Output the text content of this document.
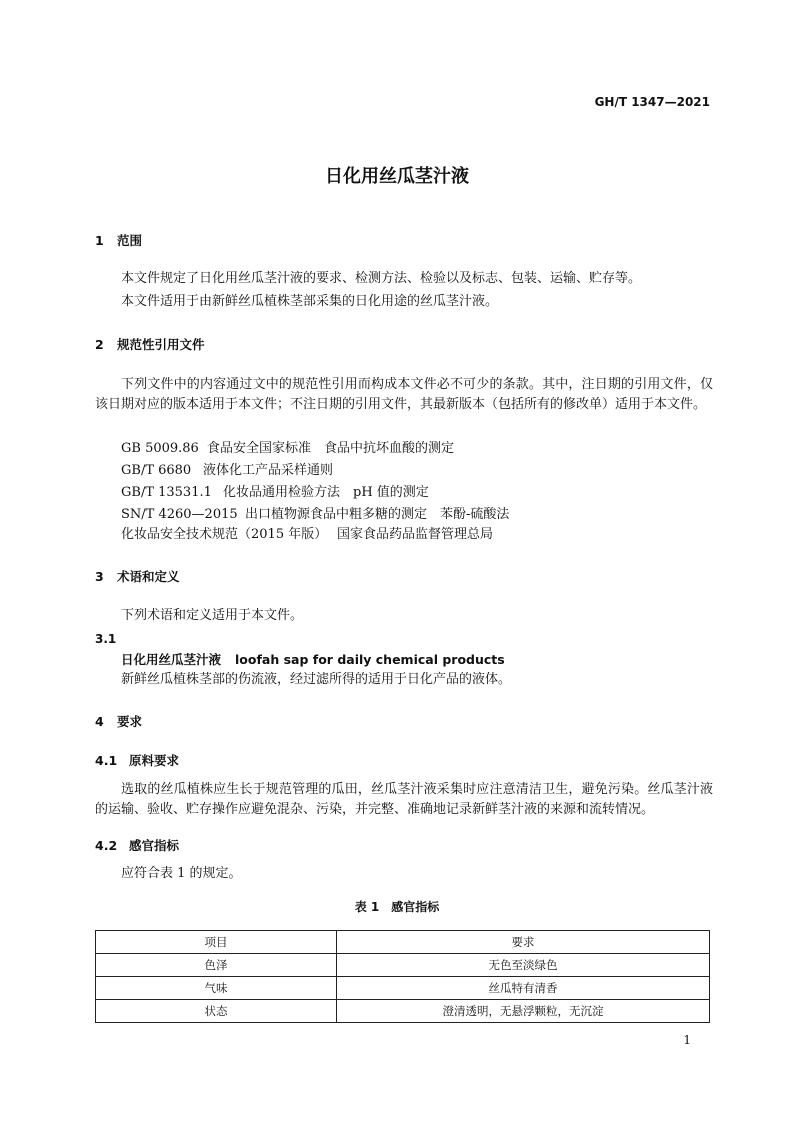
GH/T 1347—2021
日化用丝瓜茎汁液
1 范围
本文件规定了日化用丝瓜茎汁液的要求、检测方法、检验以及标志、包装、运输、贮存等。
本文件适用于由新鲜丝瓜植株茎部采集的日化用途的丝瓜茎汁液。
2 规范性引用文件
下列文件中的内容通过文中的规范性引用而构成本文件必不可少的条款。其中，注日期的引用文件，仅该日期对应的版本适用于本文件；不注日期的引用文件，其最新版本（包括所有的修改单）适用于本文件。
GB 5009.86 食品安全国家标准　食品中抗坏血酸的测定
GB/T 6680 液体化工产品采样通则
GB/T 13531.1 化妆品通用检验方法　pH 值的测定
SN/T 4260—2015 出口植物源食品中粗多糖的测定　苯酚-硫酸法
化妆品安全技术规范（2015 年版） 国家食品药品监督管理总局
3 术语和定义
下列术语和定义适用于本文件。
3.1
日化用丝瓜茎汁液 loofah sap for daily chemical products
新鲜丝瓜植株茎部的伤流液，经过滤所得的适用于日化产品的液体。
4 要求
4.1 原料要求
选取的丝瓜植株应生长于规范管理的瓜田，丝瓜茎汁液采集时应注意清洁卫生，避免污染。丝瓜茎汁液的运输、验收、贮存操作应避免混杂、污染，并完整、准确地记录新鲜茎汁液的来源和流转情况。
4.2 感官指标
应符合表 1 的规定。
表 1　感官指标
项目	要求
色泽	无色至淡绿色
气味	丝瓜特有清香
状态	澄清透明，无悬浮颗粒，无沉淀
1
